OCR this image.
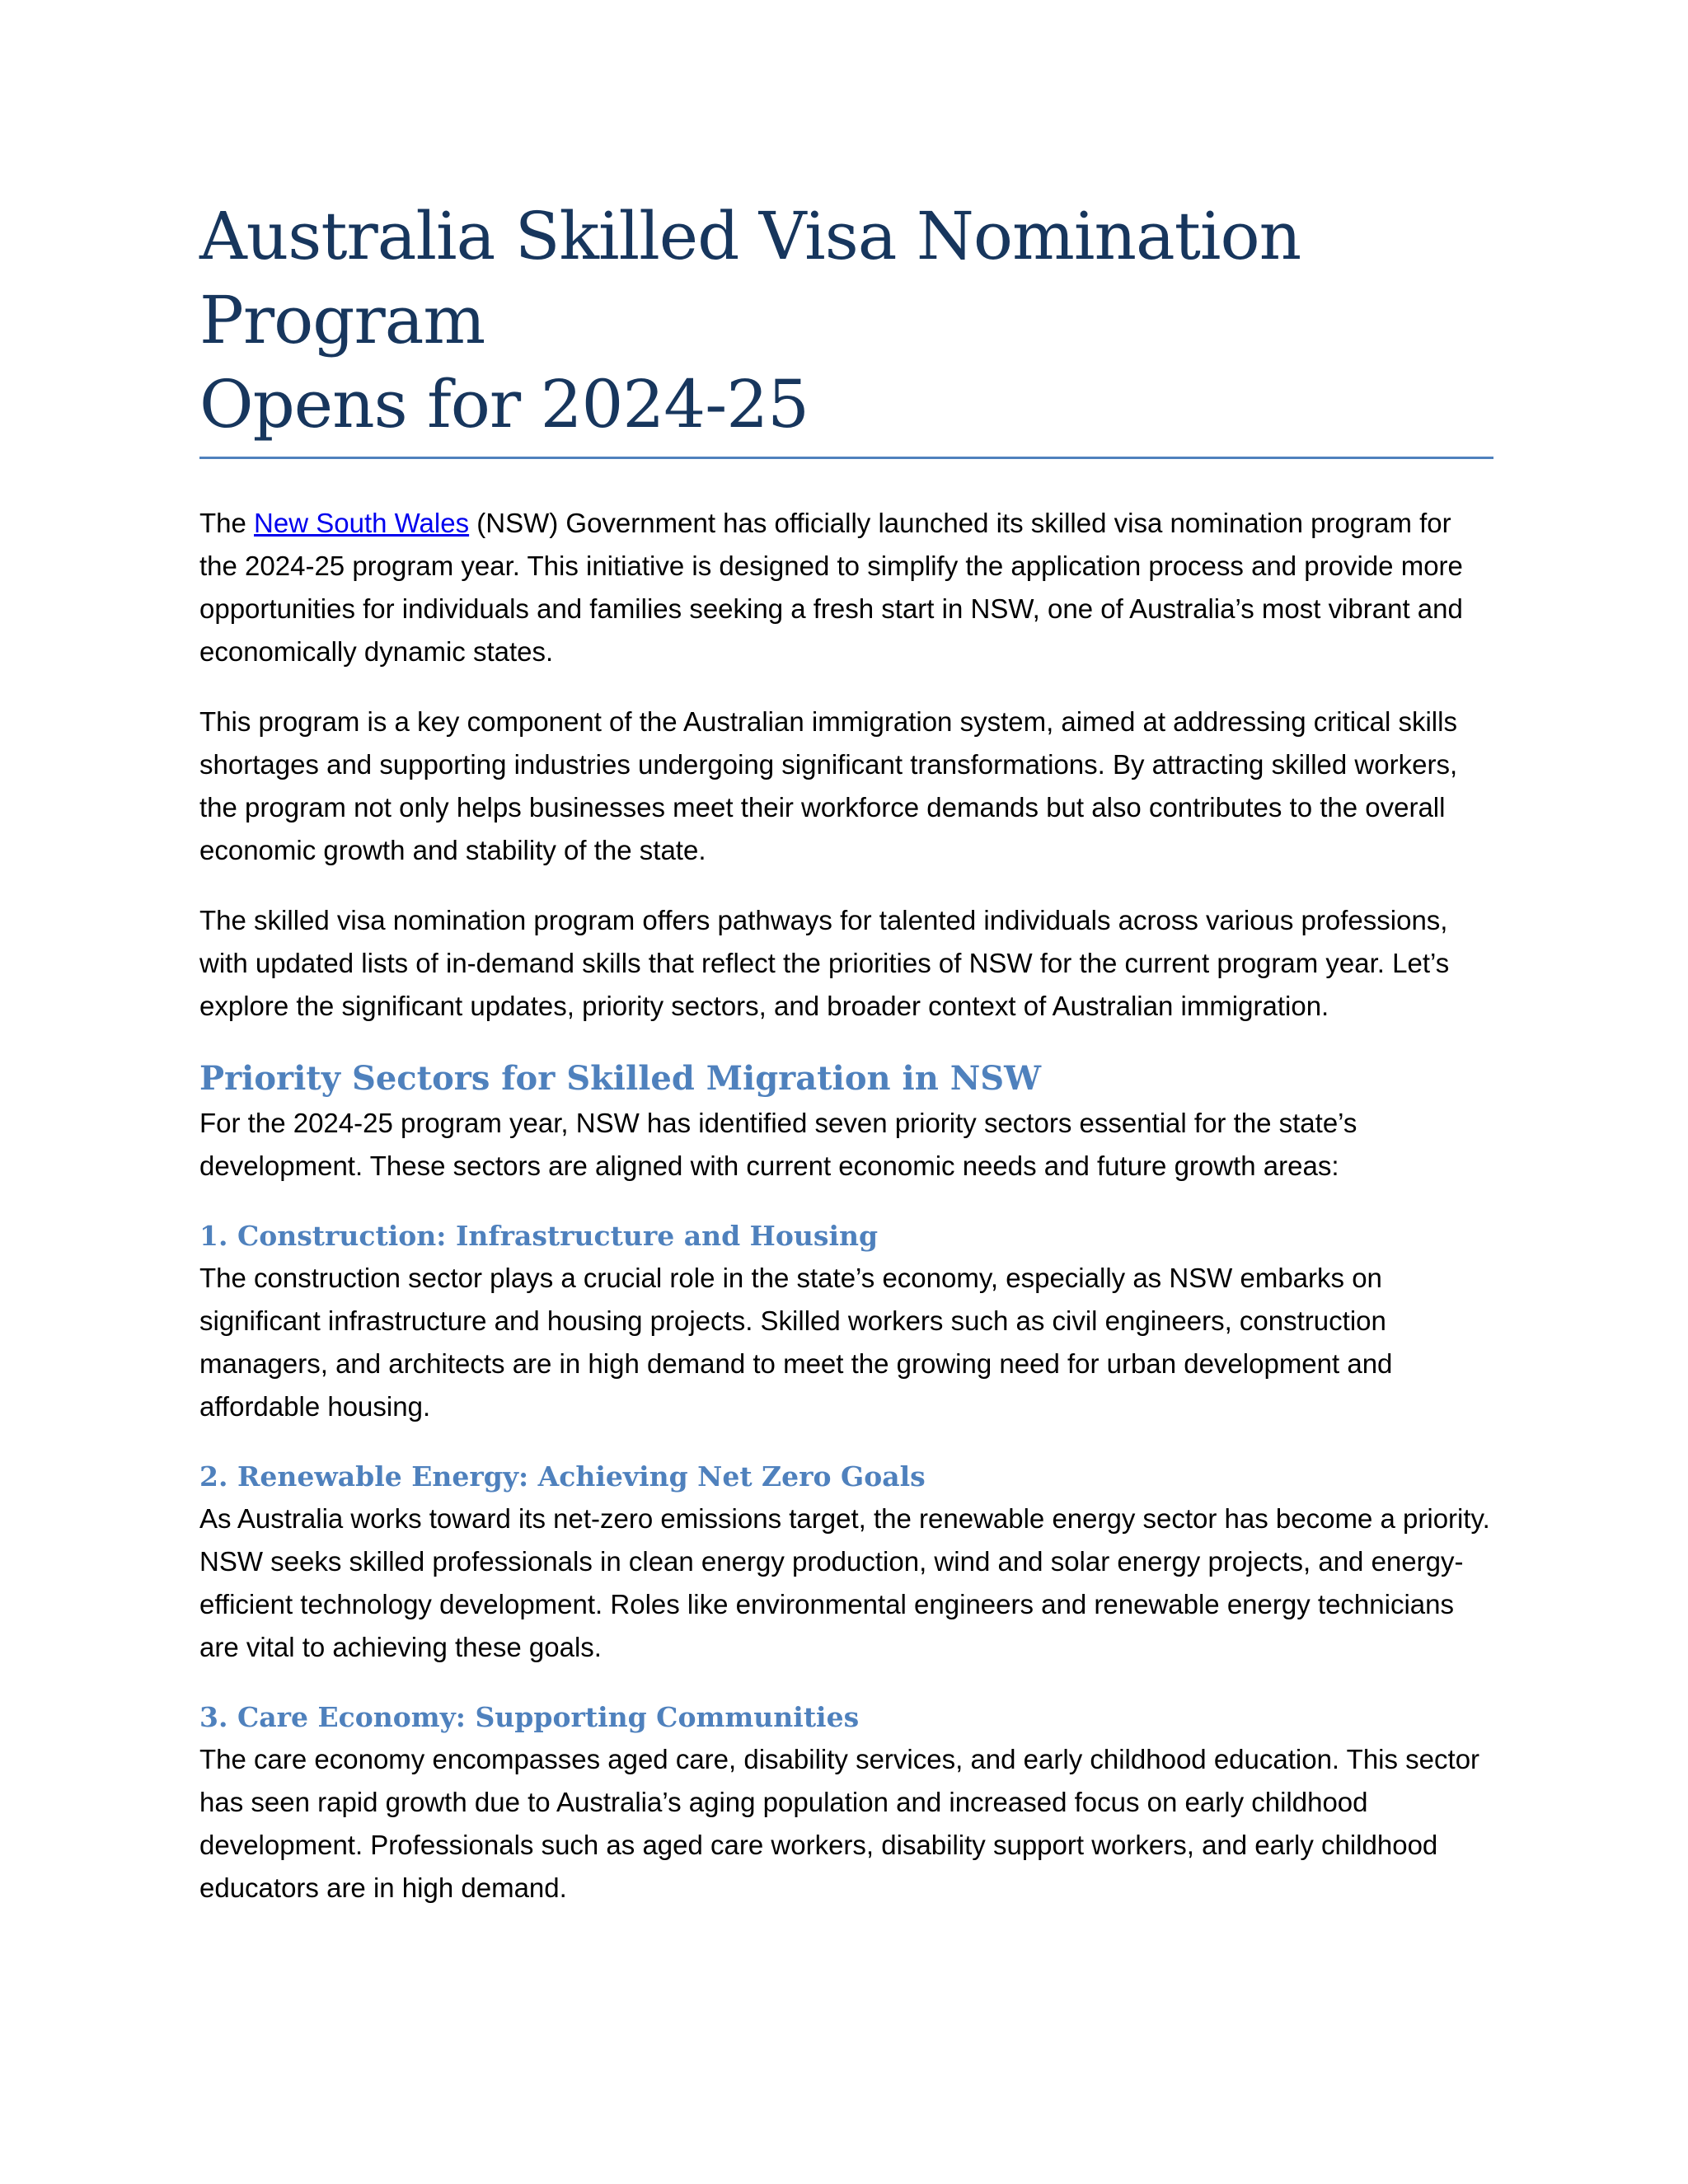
Australia Skilled Visa Nomination Program
Opens for 2024-25

The New South Wales (NSW) Government has officially launched its skilled visa nomination program for the 2024-25 program year. This initiative is designed to simplify the application process and provide more opportunities for individuals and families seeking a fresh start in NSW, one of Australia’s most vibrant and economically dynamic states.

This program is a key component of the Australian immigration system, aimed at addressing critical skills shortages and supporting industries undergoing significant transformations. By attracting skilled workers, the program not only helps businesses meet their workforce demands but also contributes to the overall economic growth and stability of the state.

The skilled visa nomination program offers pathways for talented individuals across various professions, with updated lists of in-demand skills that reflect the priorities of NSW for the current program year. Let’s explore the significant updates, priority sectors, and broader context of Australian immigration.

Priority Sectors for Skilled Migration in NSW

For the 2024-25 program year, NSW has identified seven priority sectors essential for the state’s development. These sectors are aligned with current economic needs and future growth areas:

1. Construction: Infrastructure and Housing

The construction sector plays a crucial role in the state’s economy, especially as NSW embarks on significant infrastructure and housing projects. Skilled workers such as civil engineers, construction managers, and architects are in high demand to meet the growing need for urban development and affordable housing.

2. Renewable Energy: Achieving Net Zero Goals

As Australia works toward its net-zero emissions target, the renewable energy sector has become a priority. NSW seeks skilled professionals in clean energy production, wind and solar energy projects, and energy-efficient technology development. Roles like environmental engineers and renewable energy technicians are vital to achieving these goals.

3. Care Economy: Supporting Communities

The care economy encompasses aged care, disability services, and early childhood education. This sector has seen rapid growth due to Australia’s aging population and increased focus on early childhood development. Professionals such as aged care workers, disability support workers, and early childhood educators are in high demand.
